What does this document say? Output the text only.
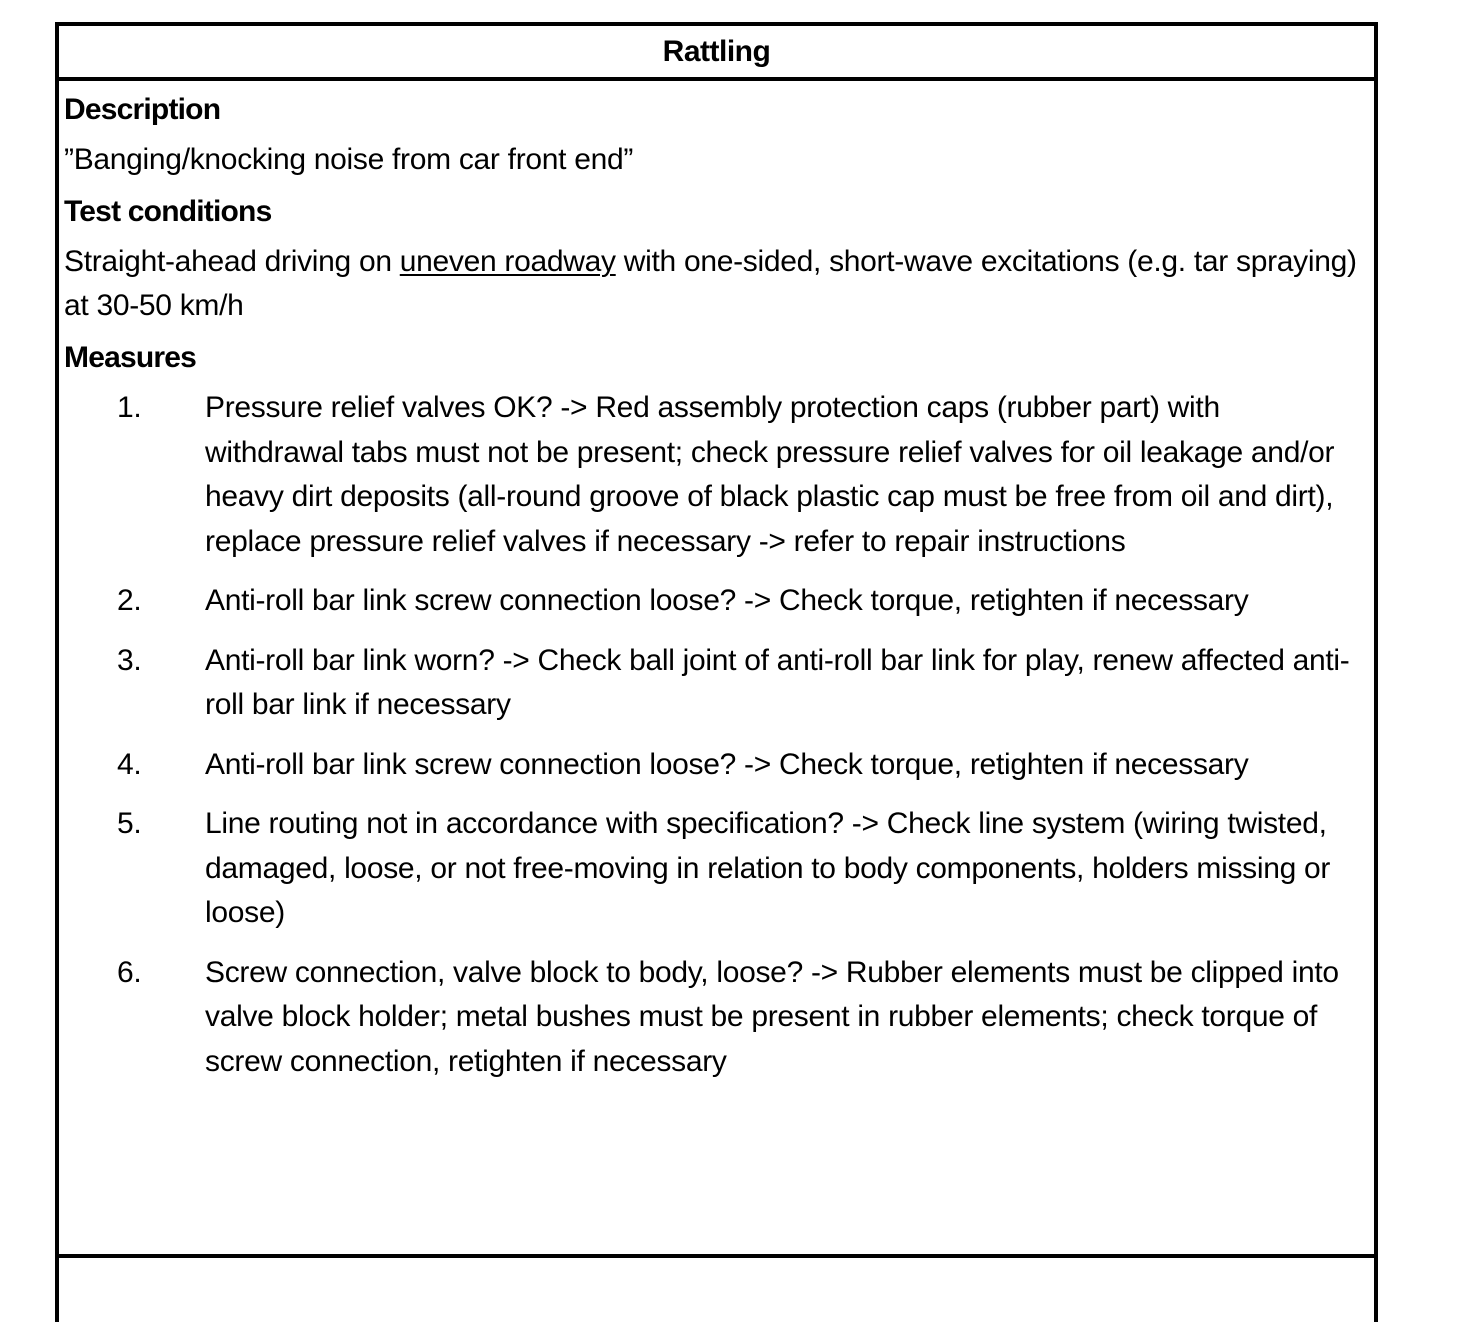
Rattling
Description
”Banging/knocking noise from car front end”
Test conditions
Straight-ahead driving on uneven roadway with one-sided, short-wave excitations (e.g. tar spraying) at 30-50 km/h
Measures
1.	Pressure relief valves OK? -> Red assembly protection caps (rubber part) with withdrawal tabs must not be present; check pressure relief valves for oil leakage and/or heavy dirt deposits (all-round groove of black plastic cap must be free from oil and dirt), replace pressure relief valves if necessary -> refer to repair instructions
2.	Anti-roll bar link screw connection loose? -> Check torque, retighten if necessary
3.	Anti-roll bar link worn? -> Check ball joint of anti-roll bar link for play, renew affected anti-roll bar link if necessary
4.	Anti-roll bar link screw connection loose? -> Check torque, retighten if necessary
5.	Line routing not in accordance with specification? -> Check line system (wiring twisted, damaged, loose, or not free-moving in relation to body components, holders missing or loose)
6.	Screw connection, valve block to body, loose? -> Rubber elements must be clipped into valve block holder; metal bushes must be present in rubber elements; check torque of screw connection, retighten if necessary
